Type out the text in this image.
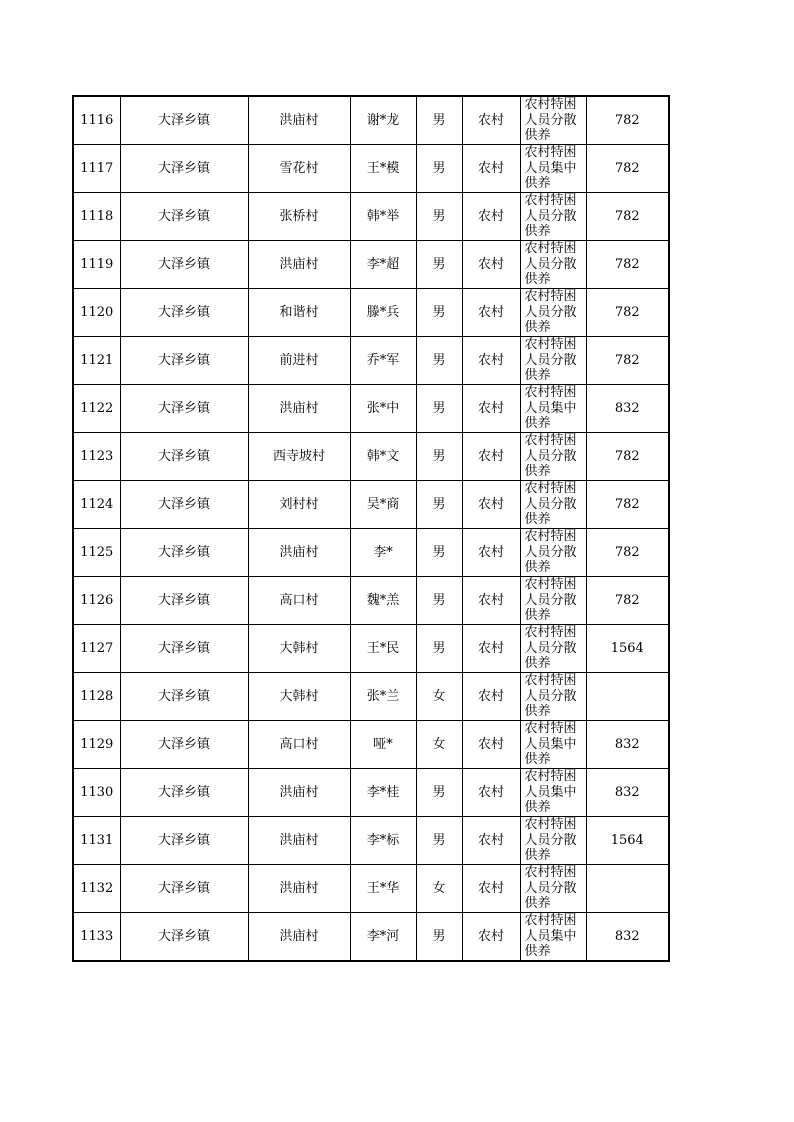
1116	大泽乡镇	洪庙村	谢*龙	男	农村	农村特困人员分散供养	782
1117	大泽乡镇	雪花村	王*模	男	农村	农村特困人员集中供养	782
1118	大泽乡镇	张桥村	韩*举	男	农村	农村特困人员分散供养	782
1119	大泽乡镇	洪庙村	李*超	男	农村	农村特困人员分散供养	782
1120	大泽乡镇	和谐村	滕*兵	男	农村	农村特困人员分散供养	782
1121	大泽乡镇	前进村	乔*军	男	农村	农村特困人员分散供养	782
1122	大泽乡镇	洪庙村	张*中	男	农村	农村特困人员集中供养	832
1123	大泽乡镇	西寺坡村	韩*文	男	农村	农村特困人员分散供养	782
1124	大泽乡镇	刘村村	吴*商	男	农村	农村特困人员分散供养	782
1125	大泽乡镇	洪庙村	李*	男	农村	农村特困人员分散供养	782
1126	大泽乡镇	高口村	魏*羔	男	农村	农村特困人员分散供养	782
1127	大泽乡镇	大韩村	王*民	男	农村	农村特困人员分散供养	1564
1128	大泽乡镇	大韩村	张*兰	女	农村	农村特困人员分散供养	

1129	大泽乡镇	高口村	哑*	女	农村	农村特困人员集中供养	832
1130	大泽乡镇	洪庙村	李*桂	男	农村	农村特困人员集中供养	832
1131	大泽乡镇	洪庙村	李*标	男	农村	农村特困人员分散供养	1564
1132	大泽乡镇	洪庙村	王*华	女	农村	农村特困人员分散供养	

1133	大泽乡镇	洪庙村	李*河	男	农村	农村特困人员集中供养	832
